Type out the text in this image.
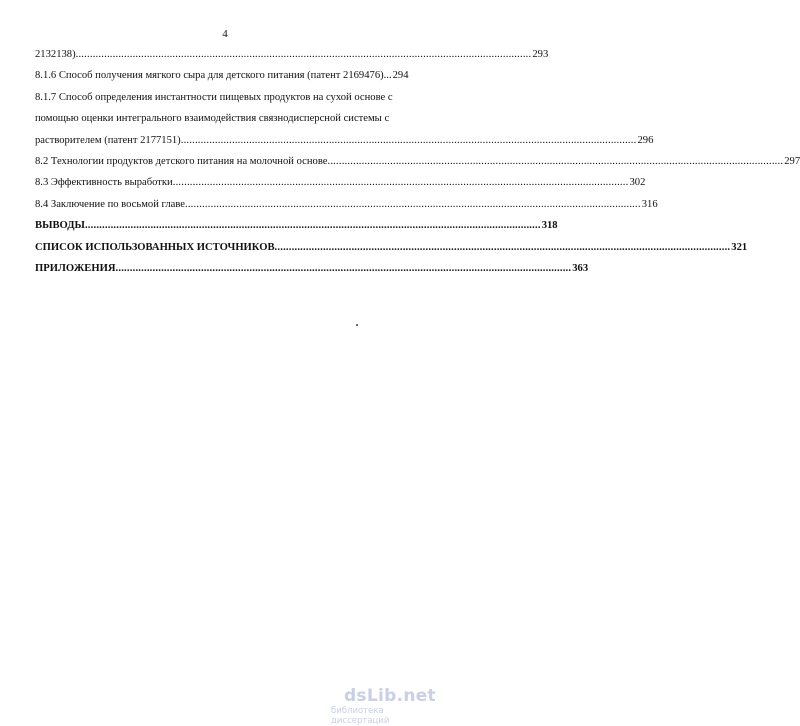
4
2132138) ................................................................................................................................................................ 293
8.1.6 Способ получения мягкого сыра для детского питания (патент 2169476)... 294
8.1.7 Способ определения инстантности пищевых продуктов на сухой основе с
помощью оценки интегрального взаимодействия связнодисперсной системы с
растворителем (патент 2177151) ................................................................................................................................................................ 296
8.2 Технологии продуктов детского питания на молочной основе ................................................................................................................................................................ 297
8.3 Эффективность выработки ................................................................................................................................................................ 302
8.4 Заключение по восьмой главе ................................................................................................................................................................ 316
ВЫВОДЫ ................................................................................................................................................................ 318
СПИСОК ИСПОЛЬЗОВАННЫХ ИСТОЧНИКОВ ................................................................................................................................................................ 321
ПРИЛОЖЕНИЯ ................................................................................................................................................................ 363
dsLib.net
библиотека диссертаций
